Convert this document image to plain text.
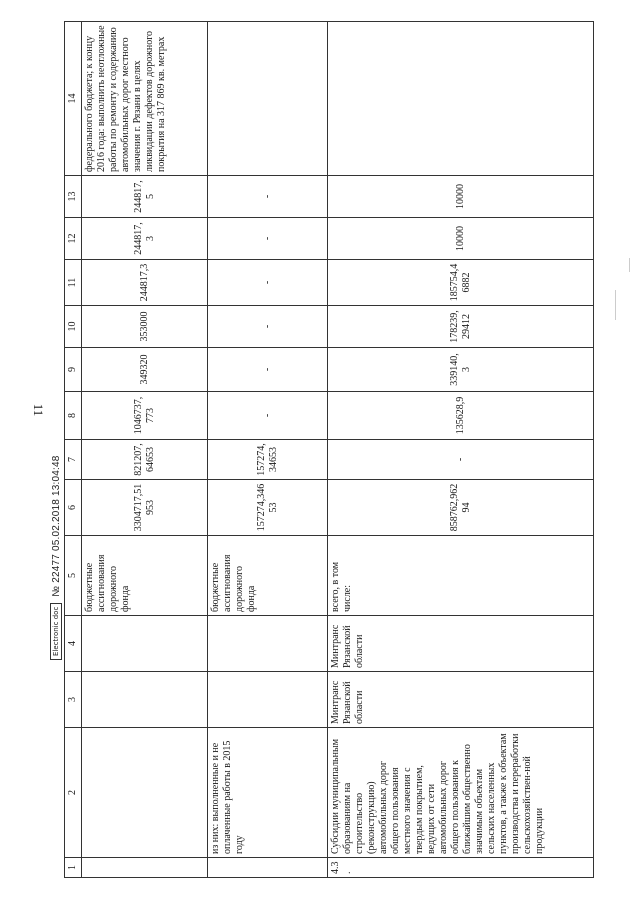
11
1	2	3	4	5	6	7	8	9	10	11	12	13	14
				бюджетные ассигнования дорожного фонда	3304717,51953	821207,64653	1046737,773	349320	353000	244817,3	244817,3	244817,5	федерального бюджета; к концу 2016 года: выполнить неотложные работы по ремонту и содержанию автомобильных дорог местного значения г. Рязани в целях ликвидации дефектов дорожного покрытия на 317 869 кв. метрах
	из них: выполненные и не оплаченные работы в 2015 году			бюджетные ассигнования дорожного фонда	157274,34653	157274,34653	-	-	-	-	-	-	
4.3.	Субсидии муниципальным образованиям на строительство (реконструкцию) автомобильных дорог общего пользования местного значения с твердым покрытием, ведущих от сети автомобильных дорог общего пользования к ближайшим общественно значимым объектам сельских населенных пунктов, а также к объектам производства и переработки сельскохозяйствен-ной продукции	Минтранс Рязанской области	Минтранс Рязанской области	всего, в том числе:	858762,96294	-	135628,9	339140,3	178239,29412	185754,46882	10000	10000	
Electronic doc
№ 22477 05.02.2018 13:04:48
